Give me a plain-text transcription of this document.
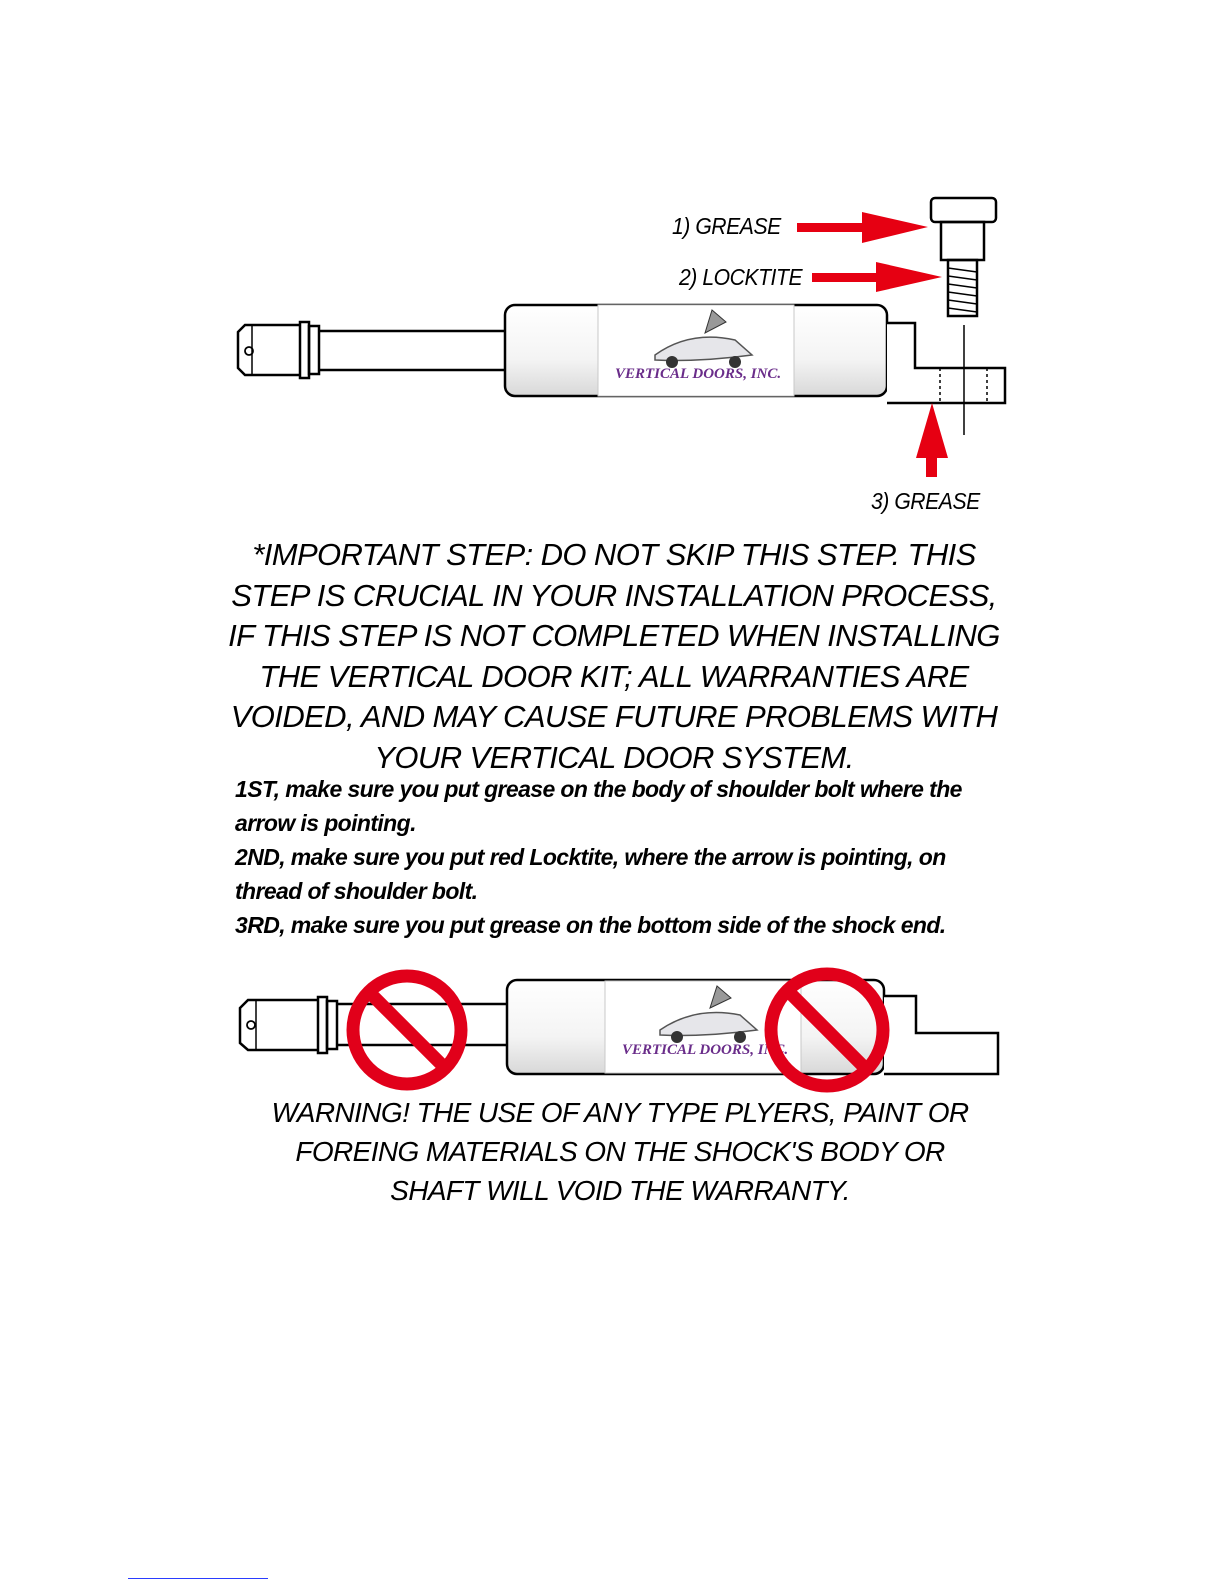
VERTICAL DOORS, INC.
VERTICAL DOORS, INC.
1) GREASE
2) LOCKTITE
3) GREASE
*IMPORTANT STEP: DO NOT SKIP THIS STEP. THIS
STEP IS CRUCIAL IN YOUR INSTALLATION PROCESS,
IF THIS STEP IS NOT COMPLETED WHEN INSTALLING
THE VERTICAL DOOR KIT; ALL WARRANTIES ARE
VOIDED, AND MAY CAUSE FUTURE PROBLEMS WITH
YOUR VERTICAL DOOR SYSTEM.

1ST, make sure you put grease on the body of shoulder bolt where the arrow is pointing.

2ND, make sure you put red Locktite, where the arrow is pointing, on thread of shoulder bolt.

3RD, make sure you put grease on the bottom side of the shock end.

WARNING! THE USE OF ANY TYPE PLYERS, PAINT OR
FOREING MATERIALS ON THE SHOCK'S BODY OR
SHAFT WILL VOID THE WARRANTY.
